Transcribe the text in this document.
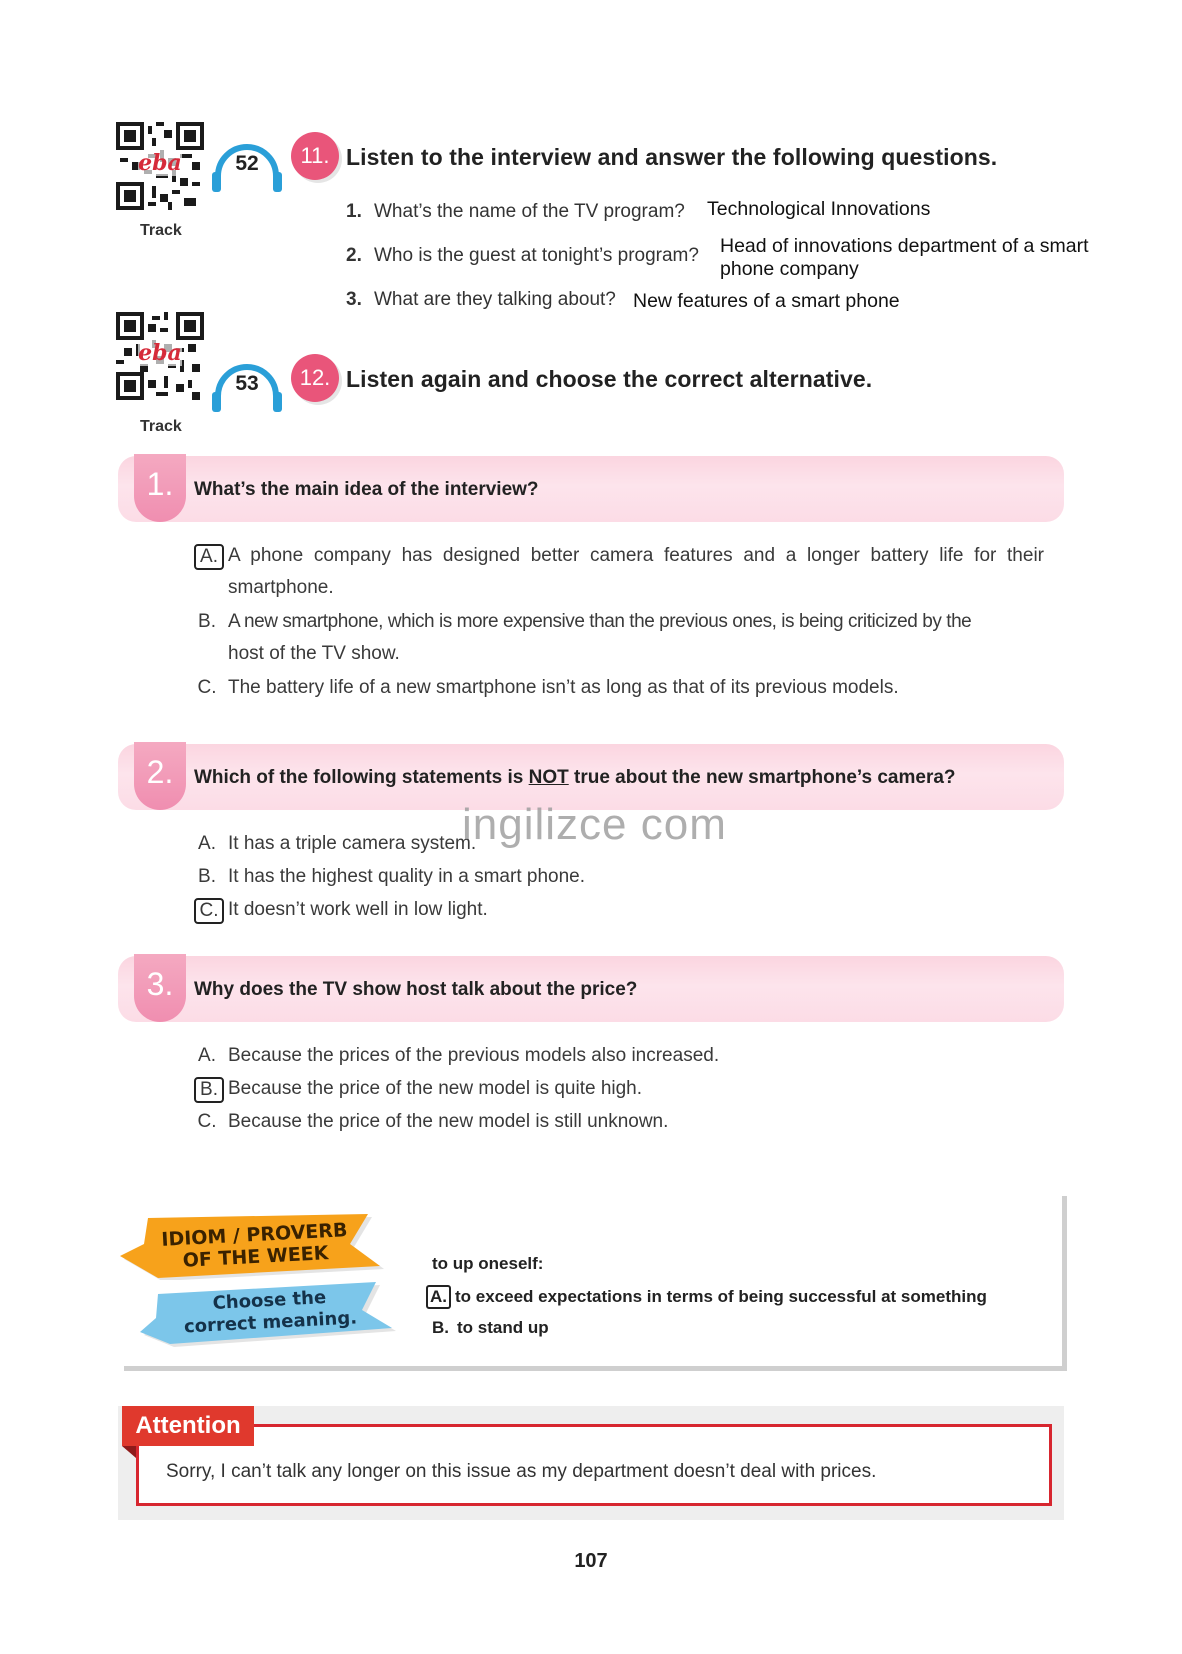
eba
Track
52	11. Listen to the interview and answer the following questions.
1. What’s the name of the TV program? Technological Innovations
2. Who is the guest at tonight’s program? Head of innovations department of a smart
phone company
3. What are they talking about? New features of a smart phone
eba
Track
53	12. Listen again and choose the correct alternative.
1.	What’s the main idea of the interview?
A. A phone company has designed better camera features and a longer battery life for their
smartphone.
B. A new smartphone, which is more expensive than the previous ones, is being criticized by the
host of the TV show.
C. The battery life of a new smartphone isn’t as long as that of its previous models.
2.	Which of the following statements is NOT true about the new smartphone’s camera?
A. It has a triple camera system.
B. It has the highest quality in a smart phone.
C. It doesn’t work well in low light.
ingilizce com
3.	Why does the TV show host talk about the price?
A. Because the prices of the previous models also increased.
B. Because the price of the new model is quite high.
C. Because the price of the new model is still unknown.
IDIOM / PROVERB
OF THE WEEK
Choose the
correct meaning.
to up oneself:
A. to exceed expectations in terms of being successful at something
B. to stand up
Attention
Sorry, I can’t talk any longer on this issue as my department doesn’t deal with prices.
107
